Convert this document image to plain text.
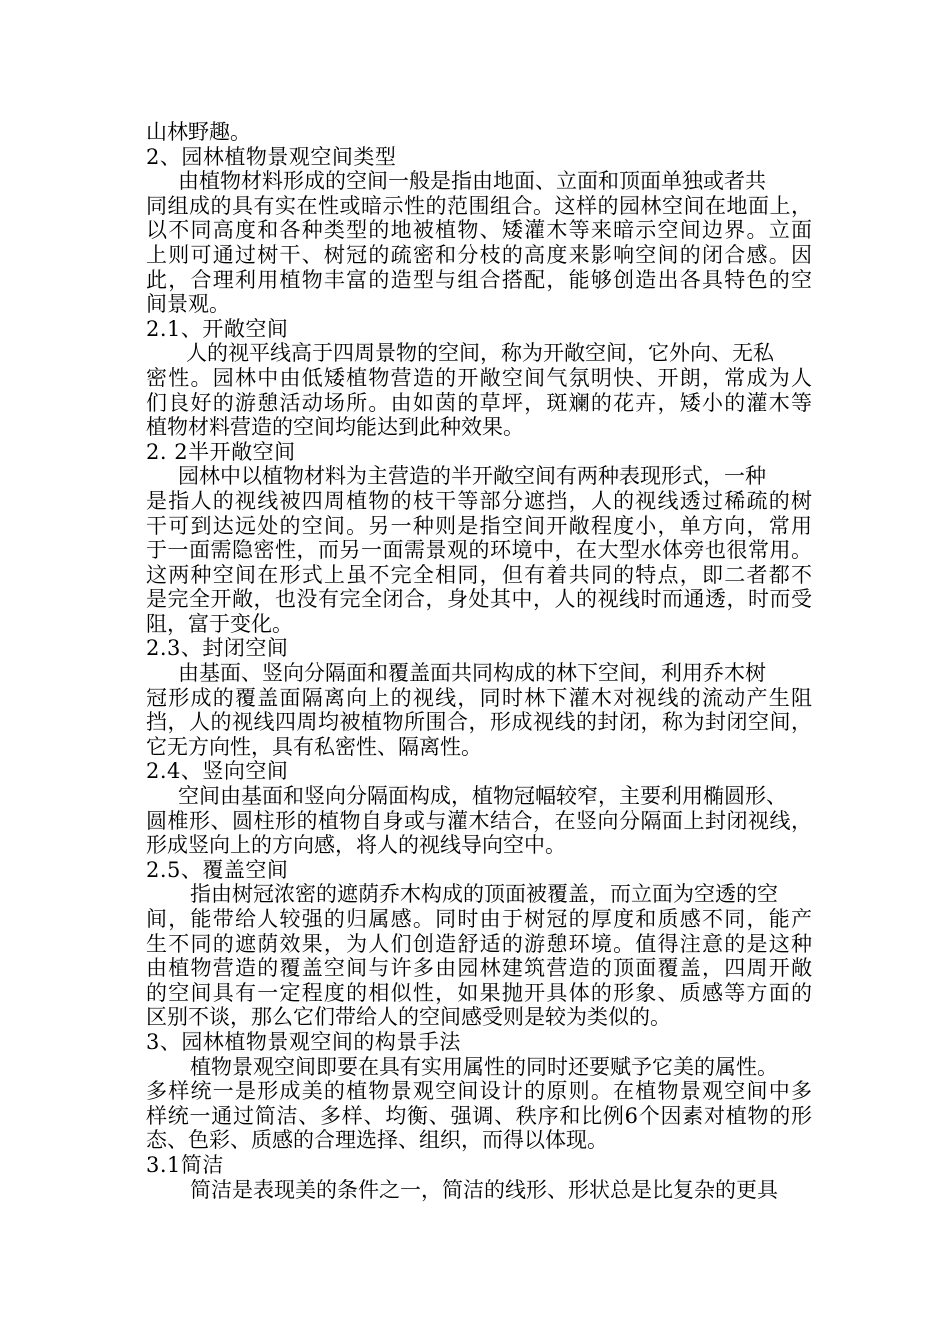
山林野趣。
2、园林植物景观空间类型
由植物材料形成的空间一般是指由地面、立面和顶面单独或者共
同组成的具有实在性或暗示性的范围组合。这样的园林空间在地面上，
以不同高度和各种类型的地被植物、矮灌木等来暗示空间边界。立面
上则可通过树干、树冠的疏密和分枝的高度来影响空间的闭合感。因
此，合理利用植物丰富的造型与组合搭配，能够创造出各具特色的空
间景观。
2.1、开敞空间
人的视平线高于四周景物的空间，称为开敞空间，它外向、无私
密性。园林中由低矮植物营造的开敞空间气氛明快、开朗，常成为人
们良好的游憩活动场所。由如茵的草坪，斑斓的花卉，矮小的灌木等
植物材料营造的空间均能达到此种效果。
2. 2半开敞空间
园林中以植物材料为主营造的半开敞空间有两种表现形式，一种
是指人的视线被四周植物的枝干等部分遮挡，人的视线透过稀疏的树
干可到达远处的空间。另一种则是指空间开敞程度小，单方向，常用
于一面需隐密性，而另一面需景观的环境中，在大型水体旁也很常用。
这两种空间在形式上虽不完全相同，但有着共同的特点，即二者都不
是完全开敞，也没有完全闭合，身处其中，人的视线时而通透，时而受
阻，富于变化。
2.3、封闭空间
由基面、竖向分隔面和覆盖面共同构成的林下空间，利用乔木树
冠形成的覆盖面隔离向上的视线，同时林下灌木对视线的流动产生阻
挡，人的视线四周均被植物所围合，形成视线的封闭，称为封闭空间，
它无方向性，具有私密性、隔离性。
2.4、竖向空间
空间由基面和竖向分隔面构成，植物冠幅较窄，主要利用椭圆形、
圆椎形、圆柱形的植物自身或与灌木结合，在竖向分隔面上封闭视线，
形成竖向上的方向感，将人的视线导向空中。
2.5、覆盖空间
指由树冠浓密的遮荫乔木构成的顶面被覆盖，而立面为空透的空
间，能带给人较强的归属感。同时由于树冠的厚度和质感不同，能产
生不同的遮荫效果，为人们创造舒适的游憩环境。值得注意的是这种
由植物营造的覆盖空间与许多由园林建筑营造的顶面覆盖，四周开敞
的空间具有一定程度的相似性，如果抛开具体的形象、质感等方面的
区别不谈，那么它们带给人的空间感受则是较为类似的。
3、园林植物景观空间的构景手法
植物景观空间即要在具有实用属性的同时还要赋予它美的属性。
多样统一是形成美的植物景观空间设计的原则。在植物景观空间中多
样统一通过简洁、多样、均衡、强调、秩序和比例6个因素对植物的形
态、色彩、质感的合理选择、组织，而得以体现。
3.1简洁
简洁是表现美的条件之一，简洁的线形、形状总是比复杂的更具
